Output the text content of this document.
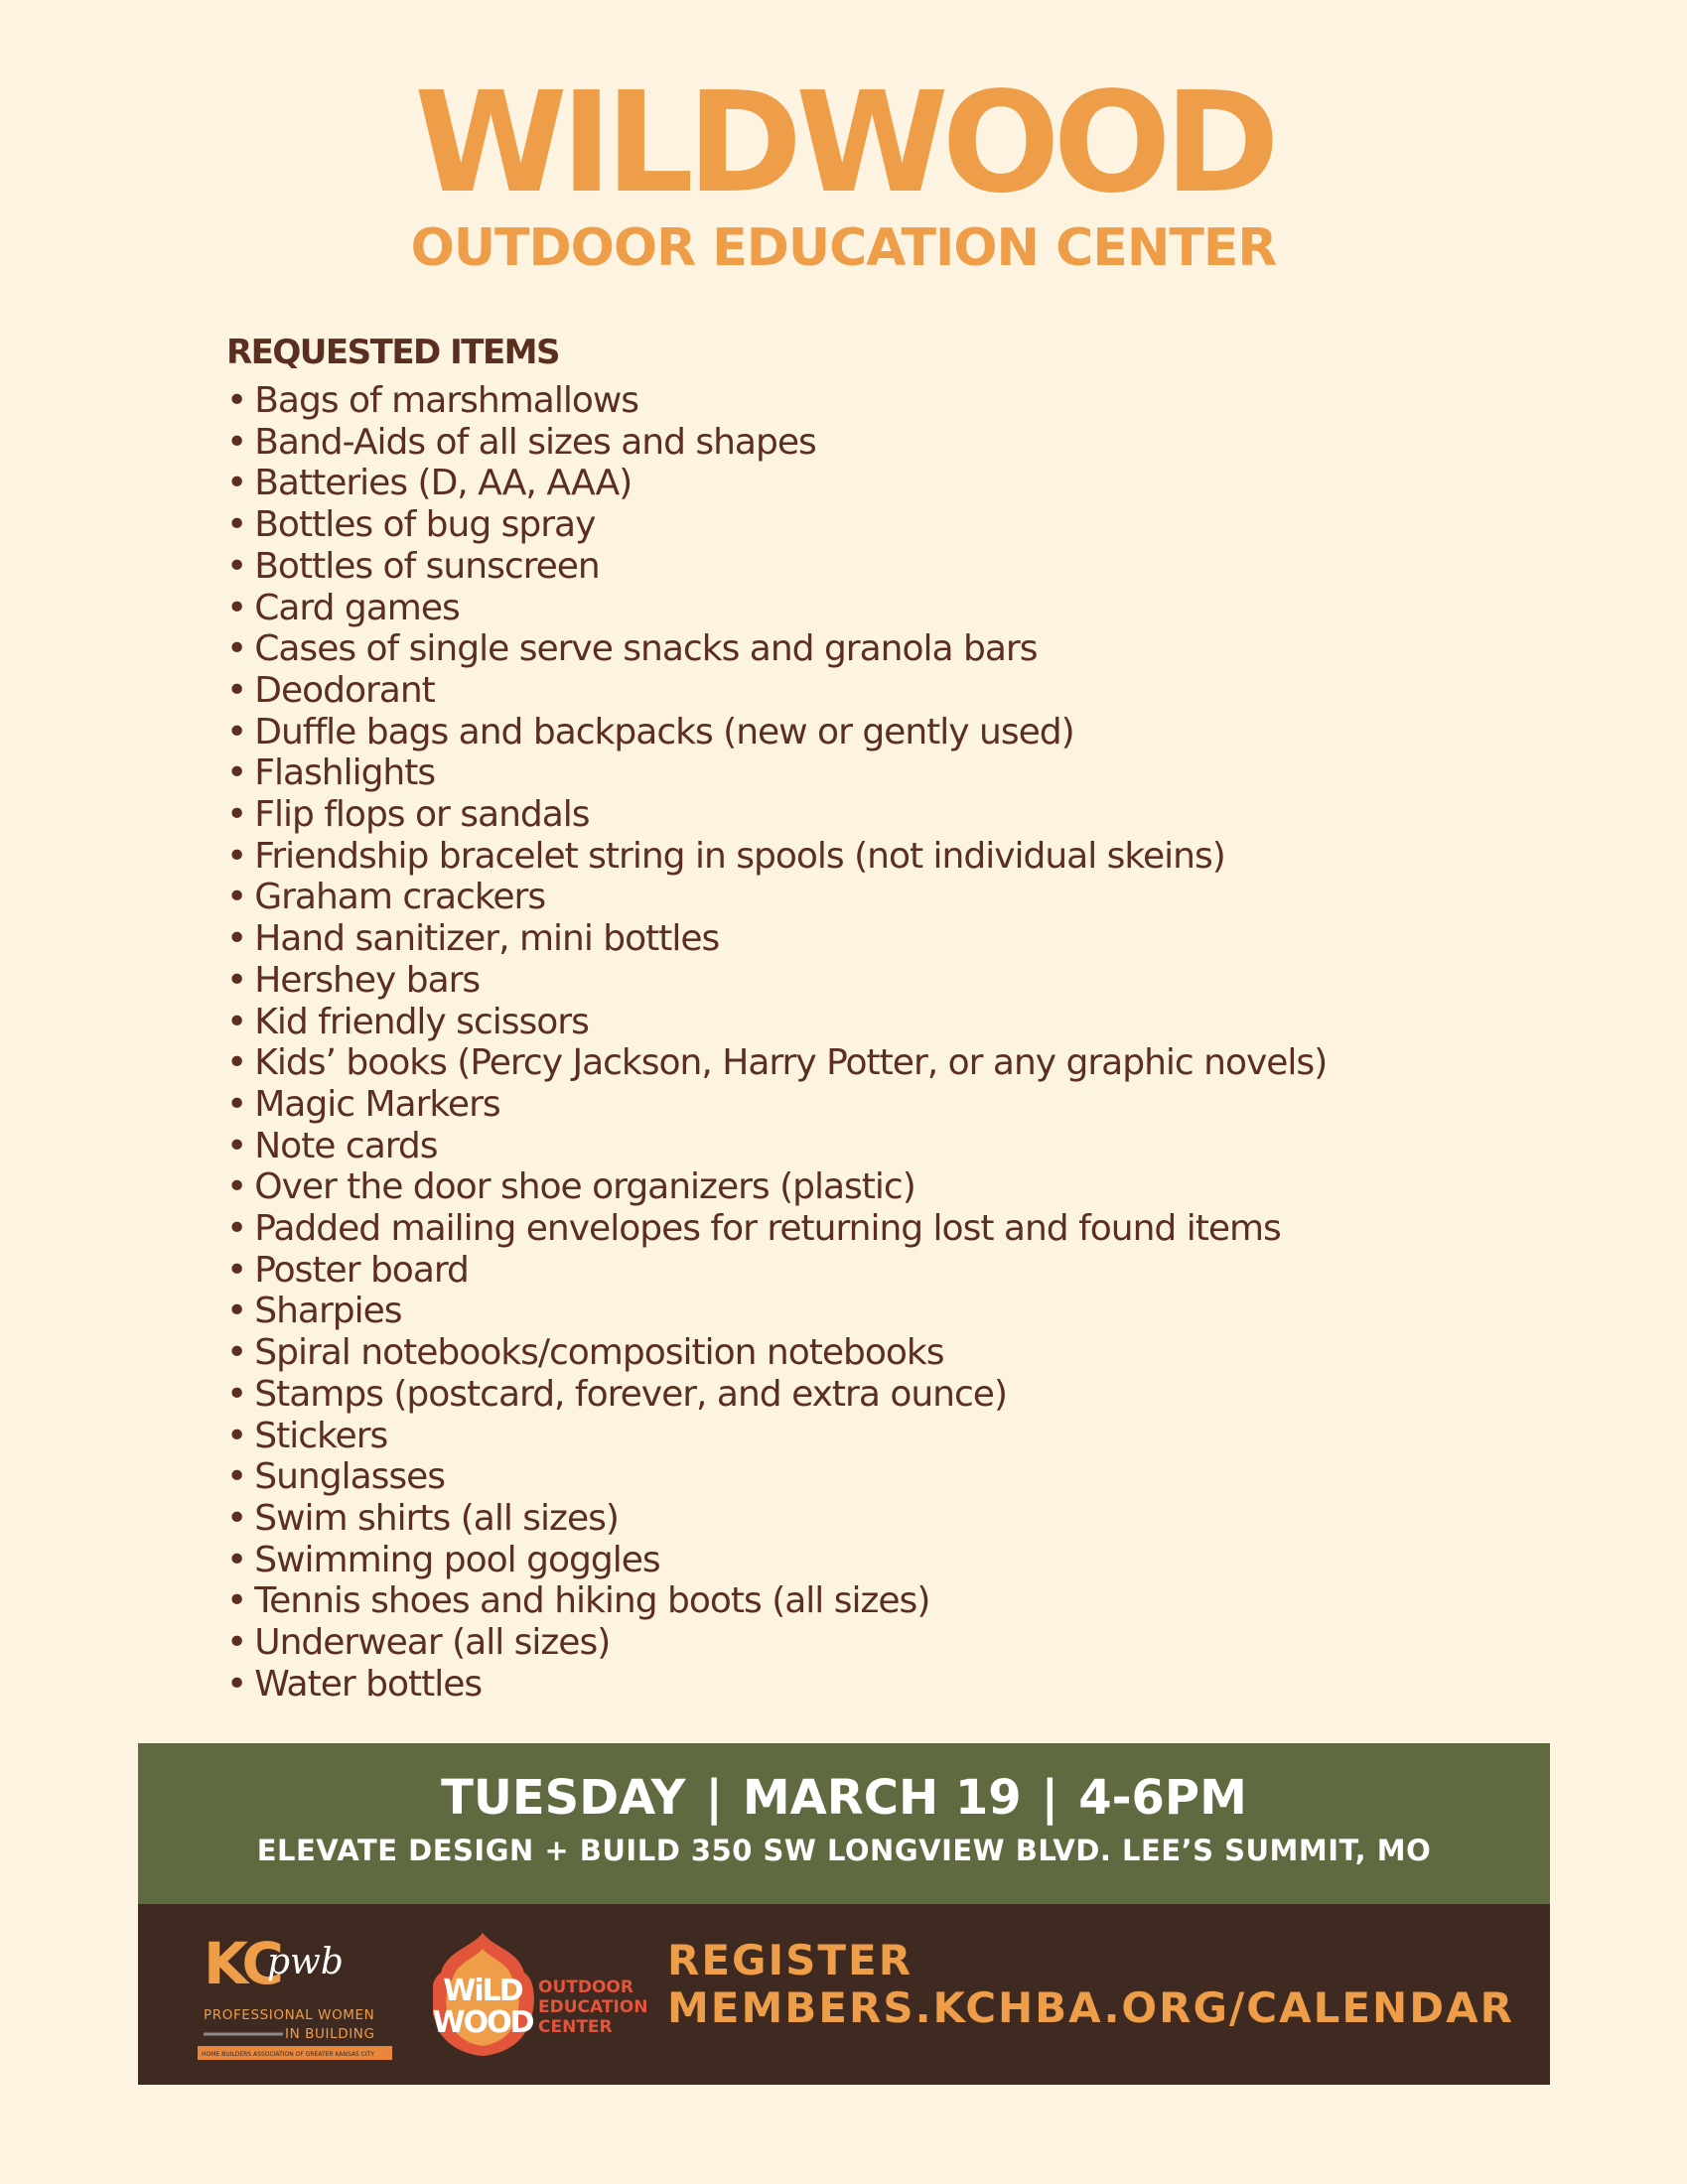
WILDWOOD
OUTDOOR EDUCATION CENTER
REQUESTED ITEMS
• Bags of marshmallows
• Band-Aids of all sizes and shapes
• Batteries (D, AA, AAA)
• Bottles of bug spray
• Bottles of sunscreen
• Card games
• Cases of single serve snacks and granola bars
• Deodorant
• Duffle bags and backpacks (new or gently used)
• Flashlights
• Flip flops or sandals
• Friendship bracelet string in spools (not individual skeins)
• Graham crackers
• Hand sanitizer, mini bottles
• Hershey bars
• Kid friendly scissors
• Kids’ books (Percy Jackson, Harry Potter, or any graphic novels)
• Magic Markers
• Note cards
• Over the door shoe organizers (plastic)
• Padded mailing envelopes for returning lost and found items
• Poster board
• Sharpies
• Spiral notebooks/composition notebooks
• Stamps (postcard, forever, and extra ounce)
• Stickers
• Sunglasses
• Swim shirts (all sizes)
• Swimming pool goggles
• Tennis shoes and hiking boots (all sizes)
• Underwear (all sizes)
• Water bottles
TUESDAY | MARCH 19 | 4-6PM
ELEVATE DESIGN + BUILD 350 SW LONGVIEW BLVD. LEE’S SUMMIT, MO
KC
pwb
PROFESSIONAL WOMEN
IN BUILDING
HOME BUILDERS ASSOCIATION OF GREATER KANSAS CITY
WiLD
WOOD
OUTDOOR
EDUCATION
CENTER
REGISTER
MEMBERS.KCHBA.ORG/CALENDAR
